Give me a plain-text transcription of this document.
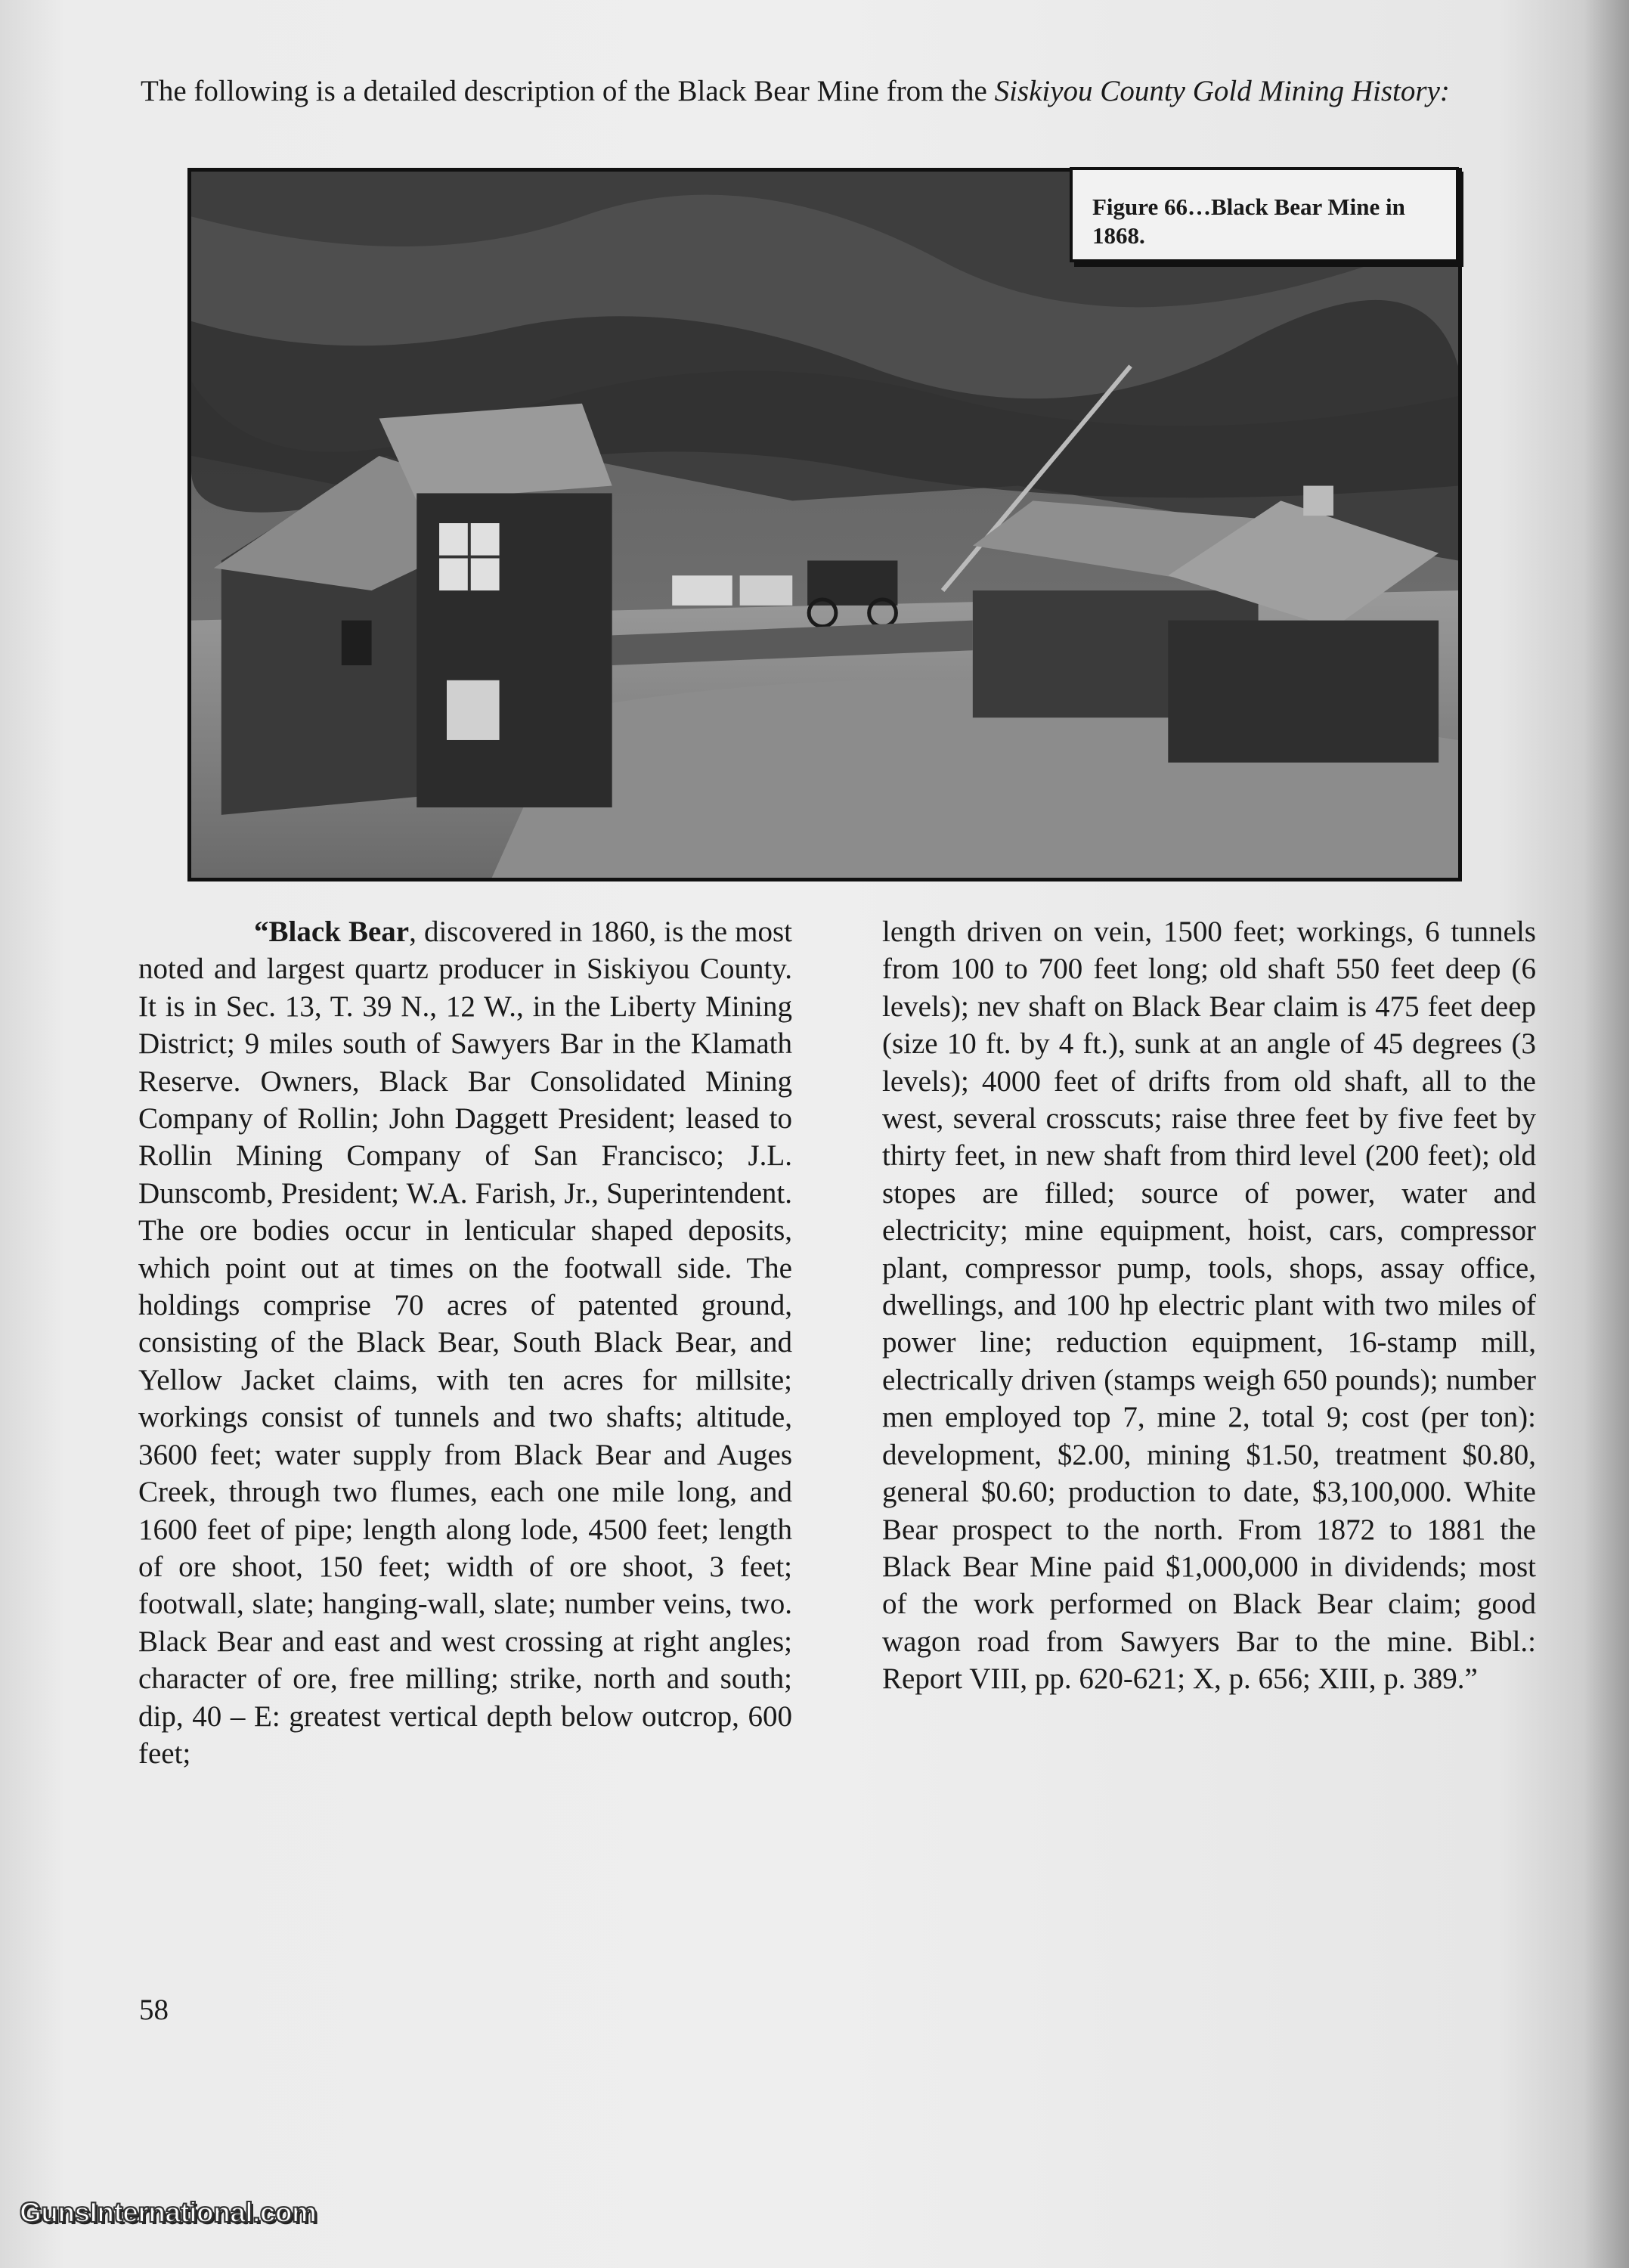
The following is a detailed description of the Black Bear Mine from the Siskiyou County Gold Mining History:

Figure 66…Black Bear Mine in 1868.

“Black Bear, discovered in 1860, is the most noted and largest quartz producer in Siskiyou County. It is in Sec. 13, T. 39 N., 12 W., in the Liberty Mining District; 9 miles south of Sawyers Bar in the Klamath Reserve. Owners, Black Bar Consolidated Mining Company of Rollin; John Daggett President; leased to Rollin Mining Company of San Francisco; J.L. Dunscomb, President; W.A. Farish, Jr., Superintendent. The ore bodies occur in lenticular shaped deposits, which point out at times on the footwall side. The holdings comprise 70 acres of patented ground, consisting of the Black Bear, South Black Bear, and Yellow Jacket claims, with ten acres for millsite; workings consist of tunnels and two shafts; altitude, 3600 feet; water supply from Black Bear and Auges Creek, through two flumes, each one mile long, and 1600 feet of pipe; length along lode, 4500 feet; length of ore shoot, 150 feet; width of ore shoot, 3 feet; footwall, slate; hanging-wall, slate; number veins, two. Black Bear and east and west crossing at right angles; character of ore, free milling; strike, north and south; dip, 40 – E: greatest vertical depth below outcrop, 600 feet;

length driven on vein, 1500 feet; workings, 6 tunnels from 100 to 700 feet long; old shaft 550 feet deep (6 levels); nev shaft on Black Bear claim is 475 feet deep (size 10 ft. by 4 ft.), sunk at an angle of 45 degrees (3 levels); 4000 feet of drifts from old shaft, all to the west, several crosscuts; raise three feet by five feet by thirty feet, in new shaft from third level (200 feet); old stopes are filled; source of power, water and electricity; mine equipment, hoist, cars, compressor plant, compressor pump, tools, shops, assay office, dwellings, and 100 hp electric plant with two miles of power line; reduction equipment, 16-stamp mill, electrically driven (stamps weigh 650 pounds); number men employed top 7, mine 2, total 9; cost (per ton): development, $2.00, mining $1.50, treatment $0.80, general $0.60; production to date, $3,100,000. White Bear prospect to the north. From 1872 to 1881 the Black Bear Mine paid $1,000,000 in dividends; most of the work performed on Black Bear claim; good wagon road from Sawyers Bar to the mine. Bibl.: Report VIII, pp. 620-621; X, p. 656; XIII, p. 389.”

58
GunsInternational.com
